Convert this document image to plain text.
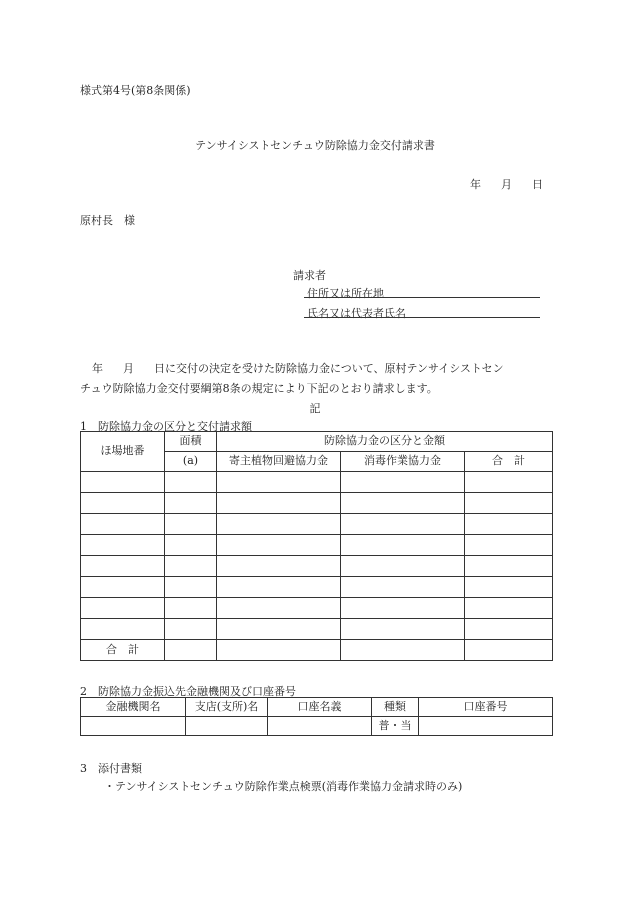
様式第4号(第8条関係)
テンサイシストセンチュウ防除協力金交付請求書
年 月 日
原村長　様
請求者
住所又は所在地
氏名又は代表者氏名
年 月 日に交付の決定を受けた防除協力金について、原村テンサイシストセン
チュウ防除協力金交付要綱第8条の規定により下記のとおり請求します。
記
1　防除協力金の区分と交付請求額
ほ場地番	面積	防除協力金の区分と金額		
	(a)	寄主植物回避協力金	消毒作業協力金	合　計

合　計				
2　防除協力金振込先金融機関及び口座番号
金融機関名	支店(支所)名	口座名義	種類	口座番号
			普・当	
3　添付書類
・テンサイシストセンチュウ防除作業点検票(消毒作業協力金請求時のみ)
